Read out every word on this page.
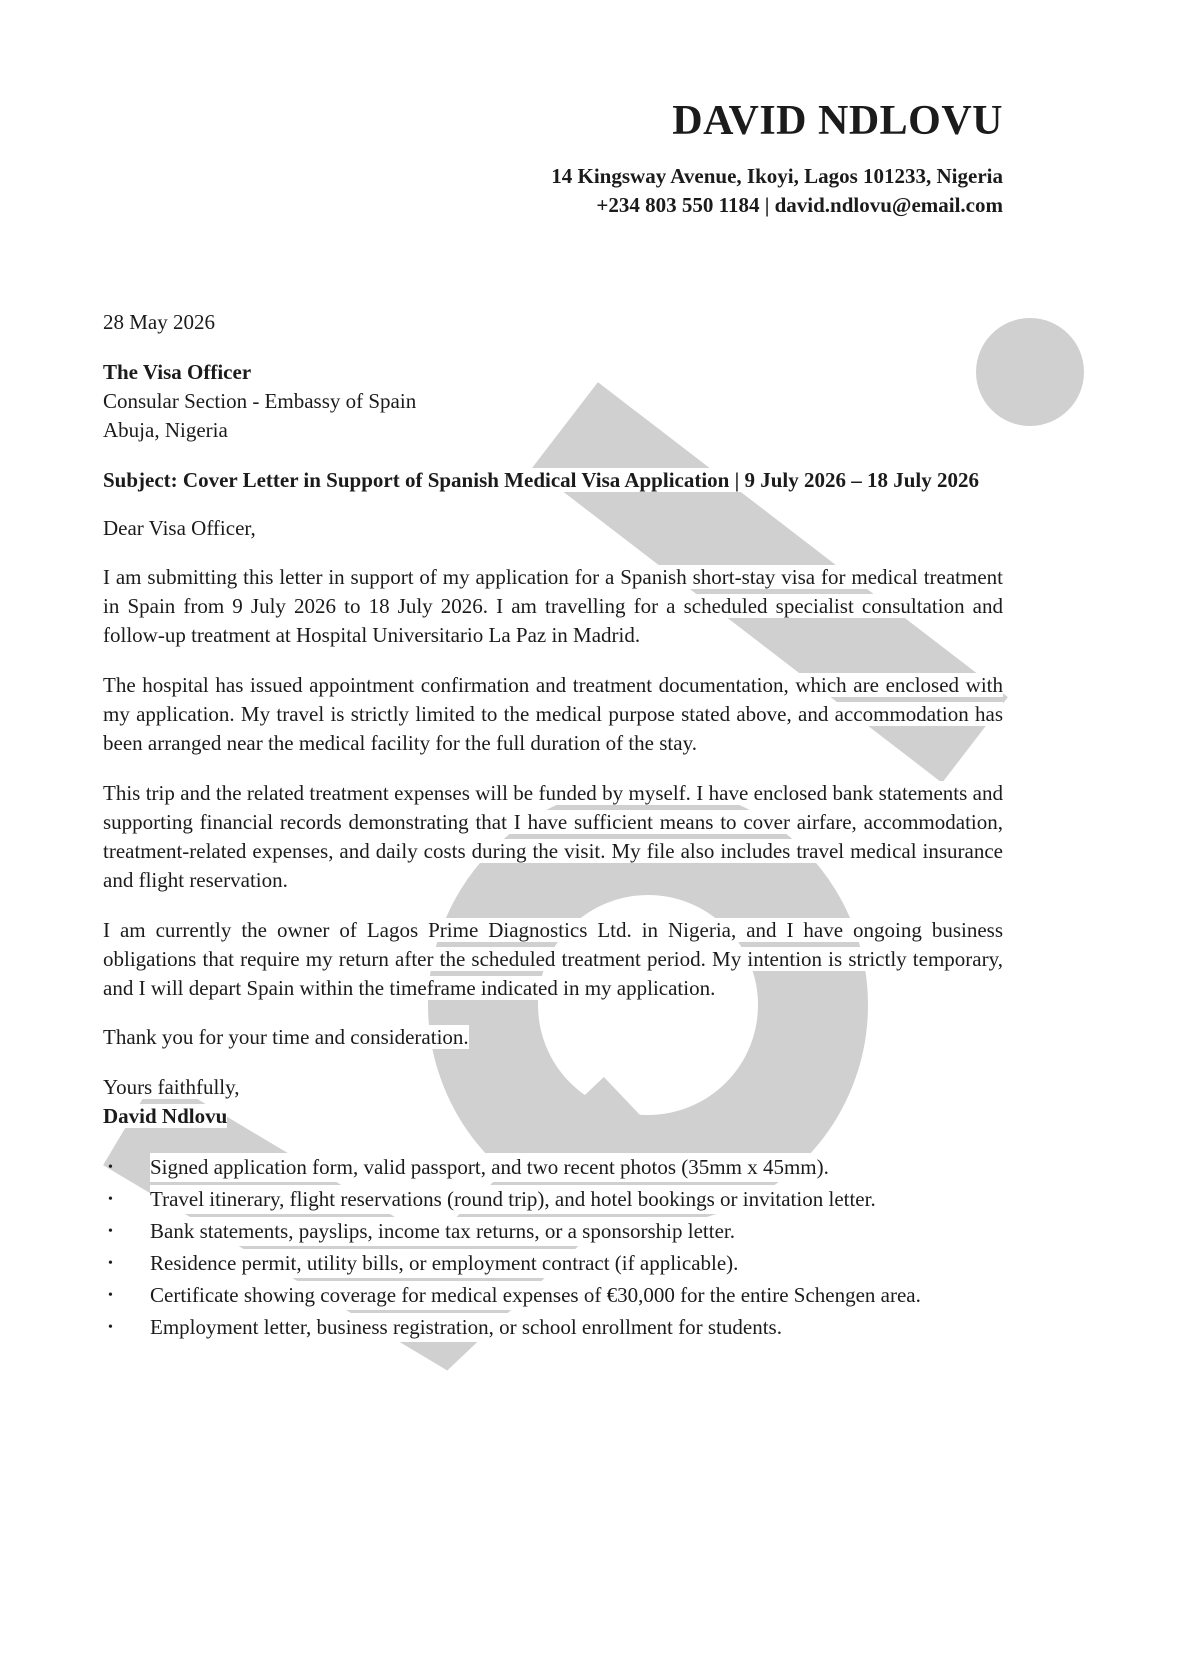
DAVID NDLOVU
14 Kingsway Avenue, Ikoyi, Lagos 101233, Nigeria
+234 803 550 1184 | david.ndlovu@email.com
28 May 2026
The Visa Officer
Consular Section - Embassy of Spain
Abuja, Nigeria
Subject: Cover Letter in Support of Spanish Medical Visa Application | 9 July 2026 – 18 July 2026
Dear Visa Officer,

I am submitting this letter in support of my application for a Spanish short-stay visa for medical treatment in Spain from 9 July 2026 to 18 July 2026. I am travelling for a scheduled specialist consultation and follow-up treatment at Hospital Universitario La Paz in Madrid.

The hospital has issued appointment confirmation and treatment documentation, which are enclosed with my application. My travel is strictly limited to the medical purpose stated above, and accommodation has been arranged near the medical facility for the full duration of the stay.

This trip and the related treatment expenses will be funded by myself. I have enclosed bank statements and supporting financial records demonstrating that I have sufficient means to cover airfare, accommodation, treatment-related expenses, and daily costs during the visit. My file also includes travel medical insurance and flight reservation.

I am currently the owner of Lagos Prime Diagnostics Ltd. in Nigeria, and I have ongoing business obligations that require my return after the scheduled treatment period. My intention is strictly temporary, and I will depart Spain within the timeframe indicated in my application.

Thank you for your time and consideration.
Yours faithfully,
David Ndlovu
•	Signed application form, valid passport, and two recent photos (35mm x 45mm).
•	Travel itinerary, flight reservations (round trip), and hotel bookings or invitation letter.
•	Bank statements, payslips, income tax returns, or a sponsorship letter.
•	Residence permit, utility bills, or employment contract (if applicable).
•	Certificate showing coverage for medical expenses of €30,000 for the entire Schengen area.
•	Employment letter, business registration, or school enrollment for students.
